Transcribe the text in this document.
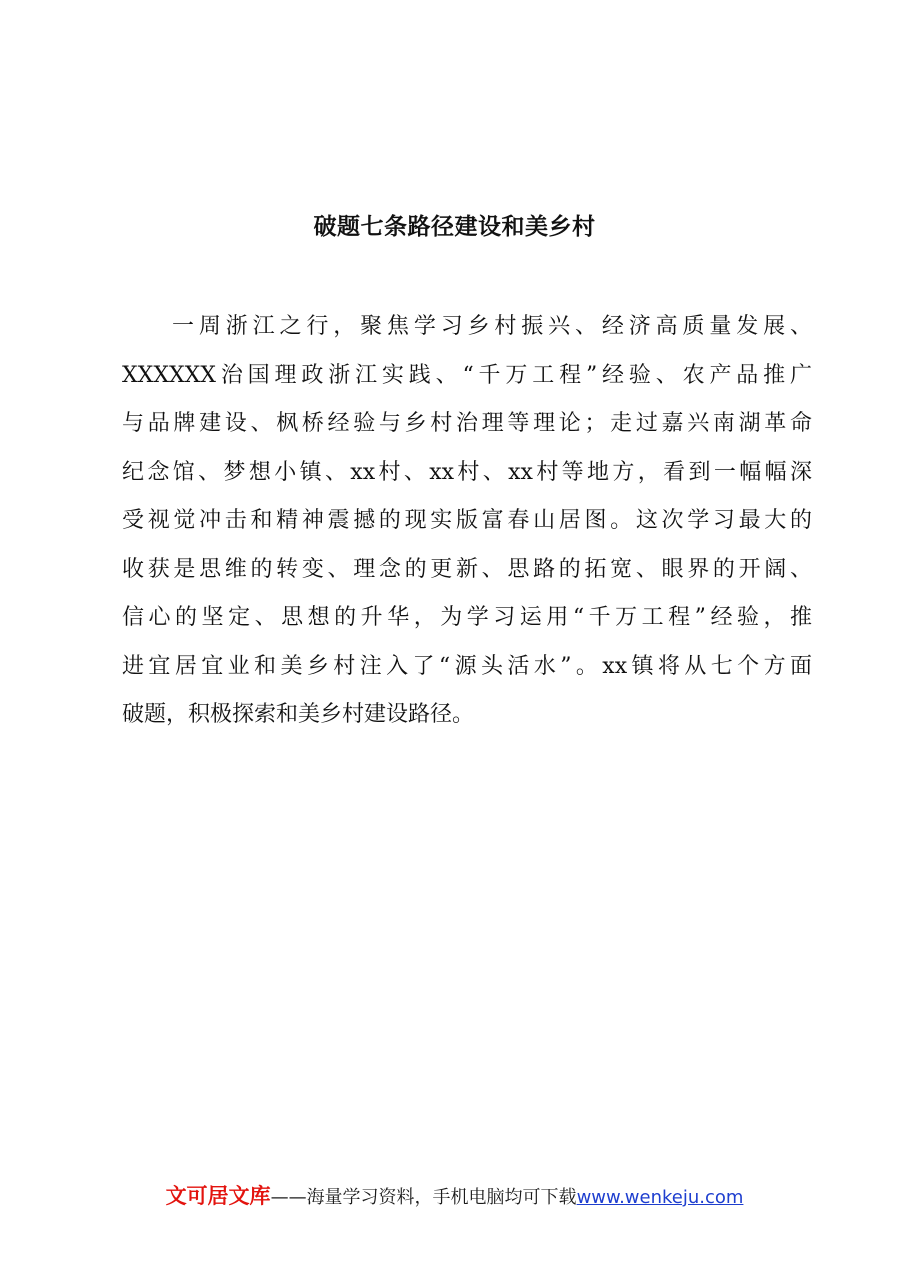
破题七条路径建设和美乡村
一周浙江之行，聚焦学习乡村振兴、经济高质量发展、
XXXXXX治国理政浙江实践、“千万工程”经验、农产品推广
与品牌建设、枫桥经验与乡村治理等理论；走过嘉兴南湖革命
纪念馆、梦想小镇、xx村、xx村、xx村等地方，看到一幅幅深
受视觉冲击和精神震撼的现实版富春山居图。这次学习最大的
收获是思维的转变、理念的更新、思路的拓宽、眼界的开阔、
信心的坚定、思想的升华，为学习运用“千万工程”经验，推
进宜居宜业和美乡村注入了“源头活水”。xx镇将从七个方面
破题，积极探索和美乡村建设路径。
文可居文库——海量学习资料，手机电脑均可下载www.wenkeju.com
